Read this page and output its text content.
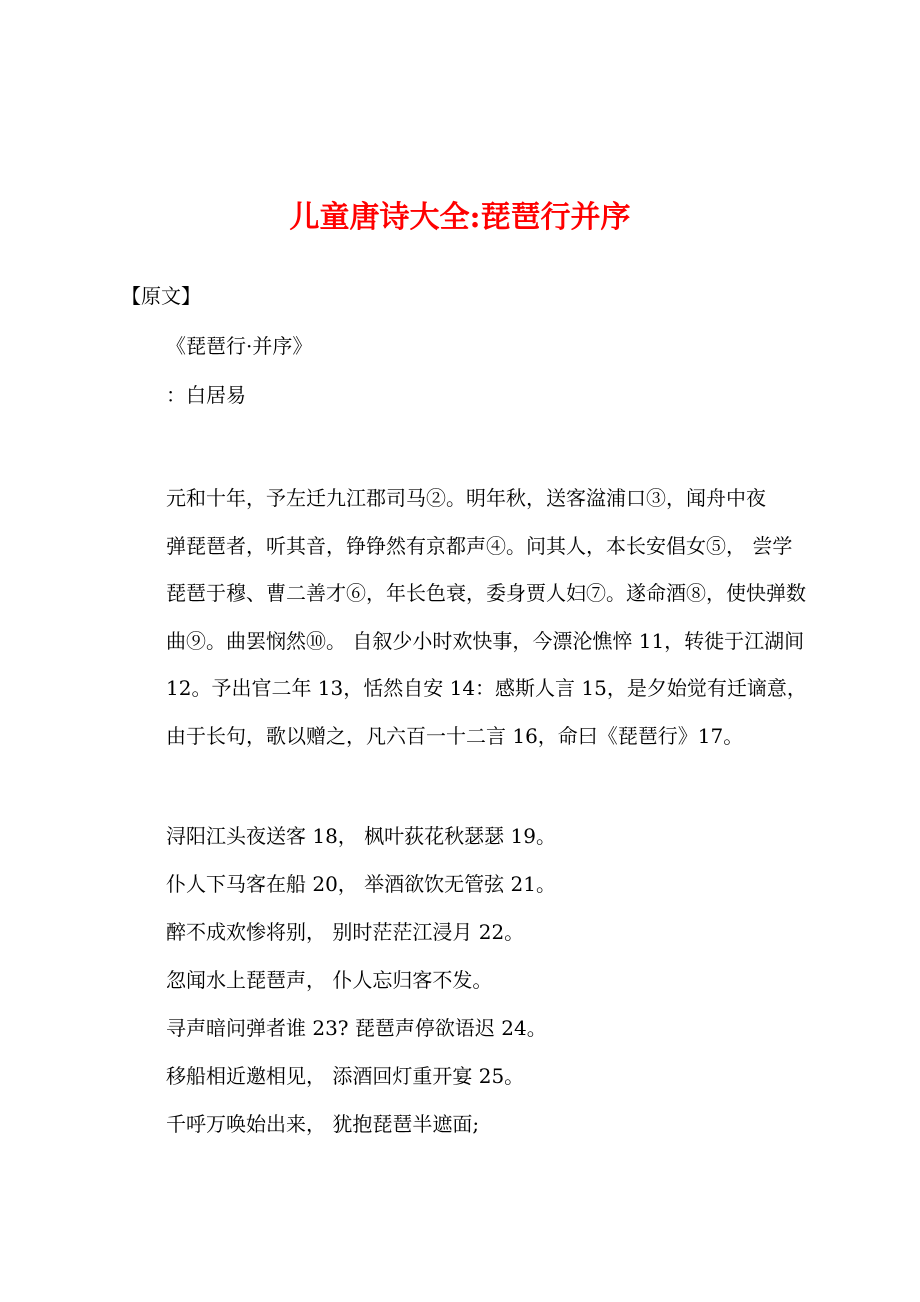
儿童唐诗大全:琵琶行并序
【原文】
《琵琶行·并序》
：白居易
元和十年，予左迁九江郡司马②。明年秋，送客湓浦口③，闻舟中夜
弹琵琶者，听其音，铮铮然有京都声④。问其人，本长安倡女⑤， 尝学
琵琶于穆、曹二善才⑥，年长色衰，委身贾人妇⑦。遂命酒⑧，使快弹数
曲⑨。曲罢悯然⑩。 自叙少小时欢快事，今漂沦憔悴 11，转徙于江湖间
12。予出官二年 13，恬然自安 14：感斯人言 15，是夕始觉有迁谪意，
由于长句，歌以赠之，凡六百一十二言 16，命曰《琵琶行》17。
浔阳江头夜送客 18， 枫叶荻花秋瑟瑟 19。
仆人下马客在船 20， 举酒欲饮无管弦 21。
醉不成欢惨将别， 别时茫茫江浸月 22。
忽闻水上琵琶声， 仆人忘归客不发。
寻声暗问弹者谁 23? 琵琶声停欲语迟 24。
移船相近邀相见， 添酒回灯重开宴 25。
千呼万唤始出来， 犹抱琵琶半遮面;
